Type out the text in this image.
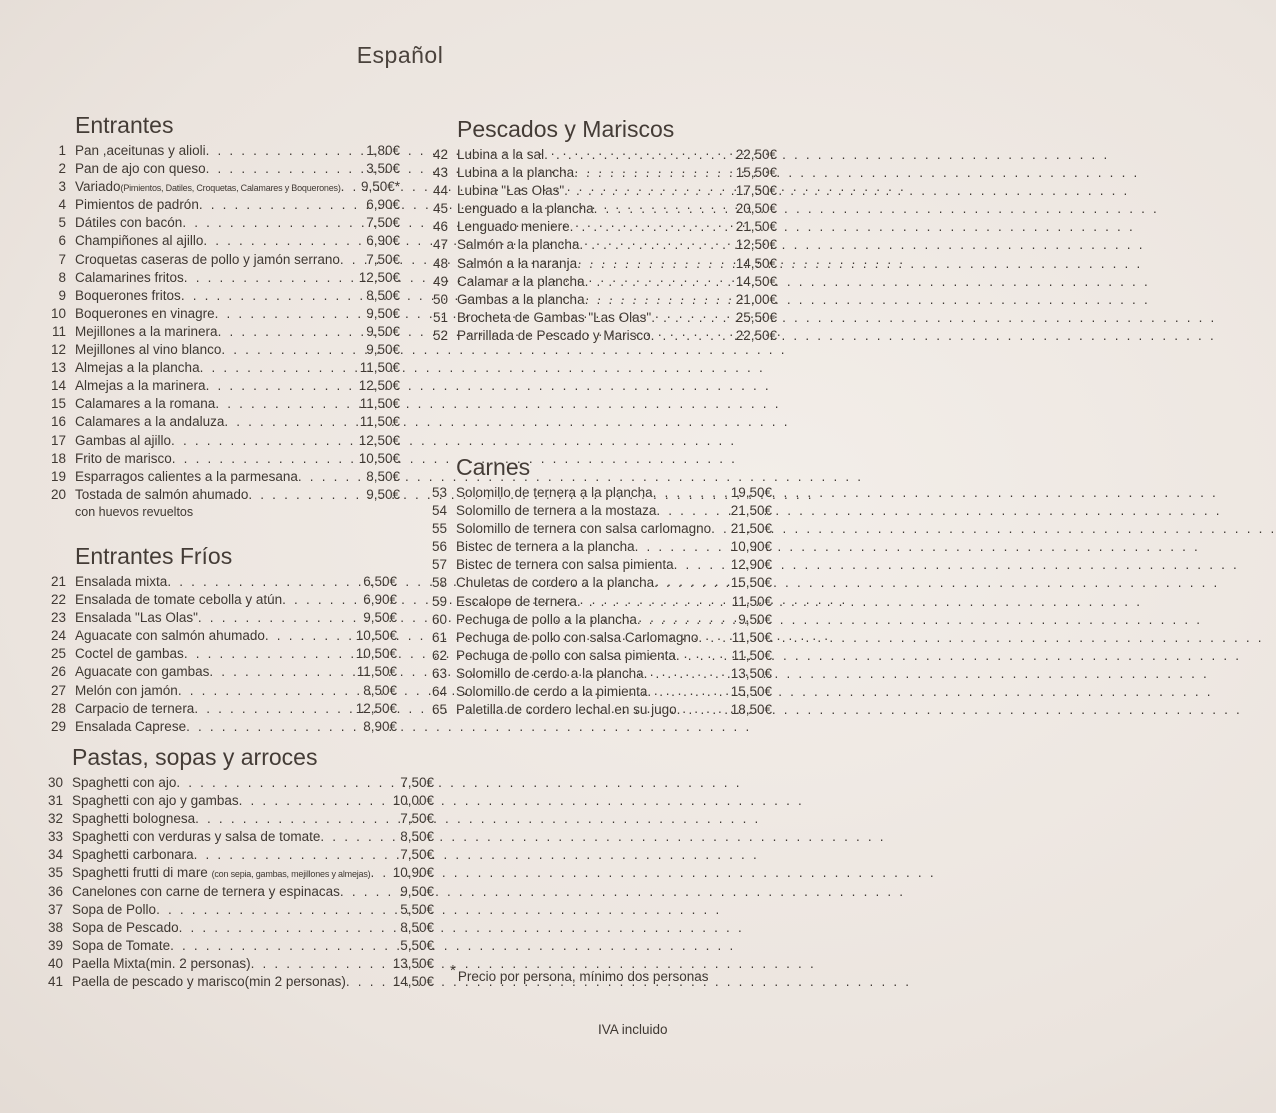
Español
Entrantes
1 Pan ,aceitunas y alioli . . .	1,80€
2 Pan de ajo con queso . . .	3,50€
3 Variado(Pimientos, Datiles, Croquetas, Calamares y Boquerones) . . . 9,50€*
4 Pimientos de padrón . . .	6,90€
5 Dátiles con bacón . . .	7,50€
6 Champiñones al ajillo . . .	6,90€
7 Croquetas caseras de pollo y jamón serrano . . . 7,50€
8 Calamarines fritos . . .	12,50€
9 Boquerones fritos . . .	8,50€
10 Boquerones en vinagre . . .	9,50€
11 Mejillones a la marinera . . .	9,50€
12 Mejillones al vino blanco . . .	9,50€
13 Almejas a la plancha . . .	11,50€
14 Almejas a la marinera . . .	12,50€
15 Calamares a la romana . . .	11,50€
16 Calamares a la andaluza . . .	11,50€
17 Gambas al ajillo . . .	12,50€
18 Frito de marisco . . .	10,50€
19 Esparragos calientes a la parmesana . . .	8,50€
20 Tostada de salmón ahumado . . .	9,50€
con huevos revueltos
Entrantes Fríos
21 Ensalada mixta . . .	6,50€
22 Ensalada de tomate cebolla y atún . . .	6,90€
23 Ensalada "Las Olas" . . .	9,50€
24 Aguacate con salmón ahumado . . .	10,50€
25 Coctel de gambas . . .	10,50€
26 Aguacate con gambas . . .	11,50€
27 Melón con jamón . . .	8,50€
28 Carpacio de ternera . . .	12,50€
29 Ensalada Caprese . . .	8,90€
Pastas, sopas y arroces
30 Spaghetti con ajo . . .	7,50€
31 Spaghetti con ajo y gambas . . .	10,00€
32 Spaghetti bolognesa . . .	7,50€
33 Spaghetti con verduras y salsa de tomate . . .	8,50€
34 Spaghetti carbonara . . .	7,50€
35 Spaghetti frutti di mare (con sepia, gambas, mejillones y almejas) . . . 10,90€
36 Canelones con carne de ternera y espinacas . . .	9,50€
37 Sopa de Pollo . . .	5,50€
38 Sopa de Pescado . . .	8,50€
39 Sopa de Tomate . . .	5,50€
40 Paella Mixta(min. 2 personas) . . .	13,50€
41 Paella de pescado y marisco(min 2 personas) . . .	14,50€
Pescados y Mariscos
42 Lubina a la sal . . .	22,50€
43 Lubina a la plancha . . .	15,50€
44 Lubina "Las Olas" . . .	17,50€
45 Lenguado a la plancha . . .	20,50€
46 Lenguado meniere . . .	21,50€
47 Salmón a la plancha . . .	12,50€
48 Salmón a la naranja . . .	14,50€
49 Calamar a la plancha . . .	14,50€
50 Gambas a la plancha . . .	21,00€
51 Brocheta de Gambas "Las Olas" . . .	25,50€
52 Parrillada de Pescado y Marisco . . .	22,50€
Carnes
53 Solomillo de ternera a la plancha . . .	19,50€
54 Solomillo de ternera a la mostaza . . .	21,50€
55 Solomillo de ternera con salsa carlomagno . . . 21,50€
56 Bistec de ternera a la plancha . . .	10,90€
57 Bistec de ternera con salsa pimienta . . .	12,90€
58 Chuletas de cordero a la plancha . . .	15,50€
59 Escalope de ternera . . .	11,50€
60 Pechuga de pollo a la plancha . . .	9,50€
61 Pechuga de pollo con salsa Carlomagno . . . 11,50€
62 Pechuga de pollo con salsa pimienta . . .	11,50€
63 Solomillo de cerdo a la plancha . . .	13,50€
64 Solomillo de cerdo a la pimienta . . .	15,50€
65 Paletilla de cordero lechal en su jugo . . .	18,50€
* Precio por persona, mínimo dos personas
IVA incluido
